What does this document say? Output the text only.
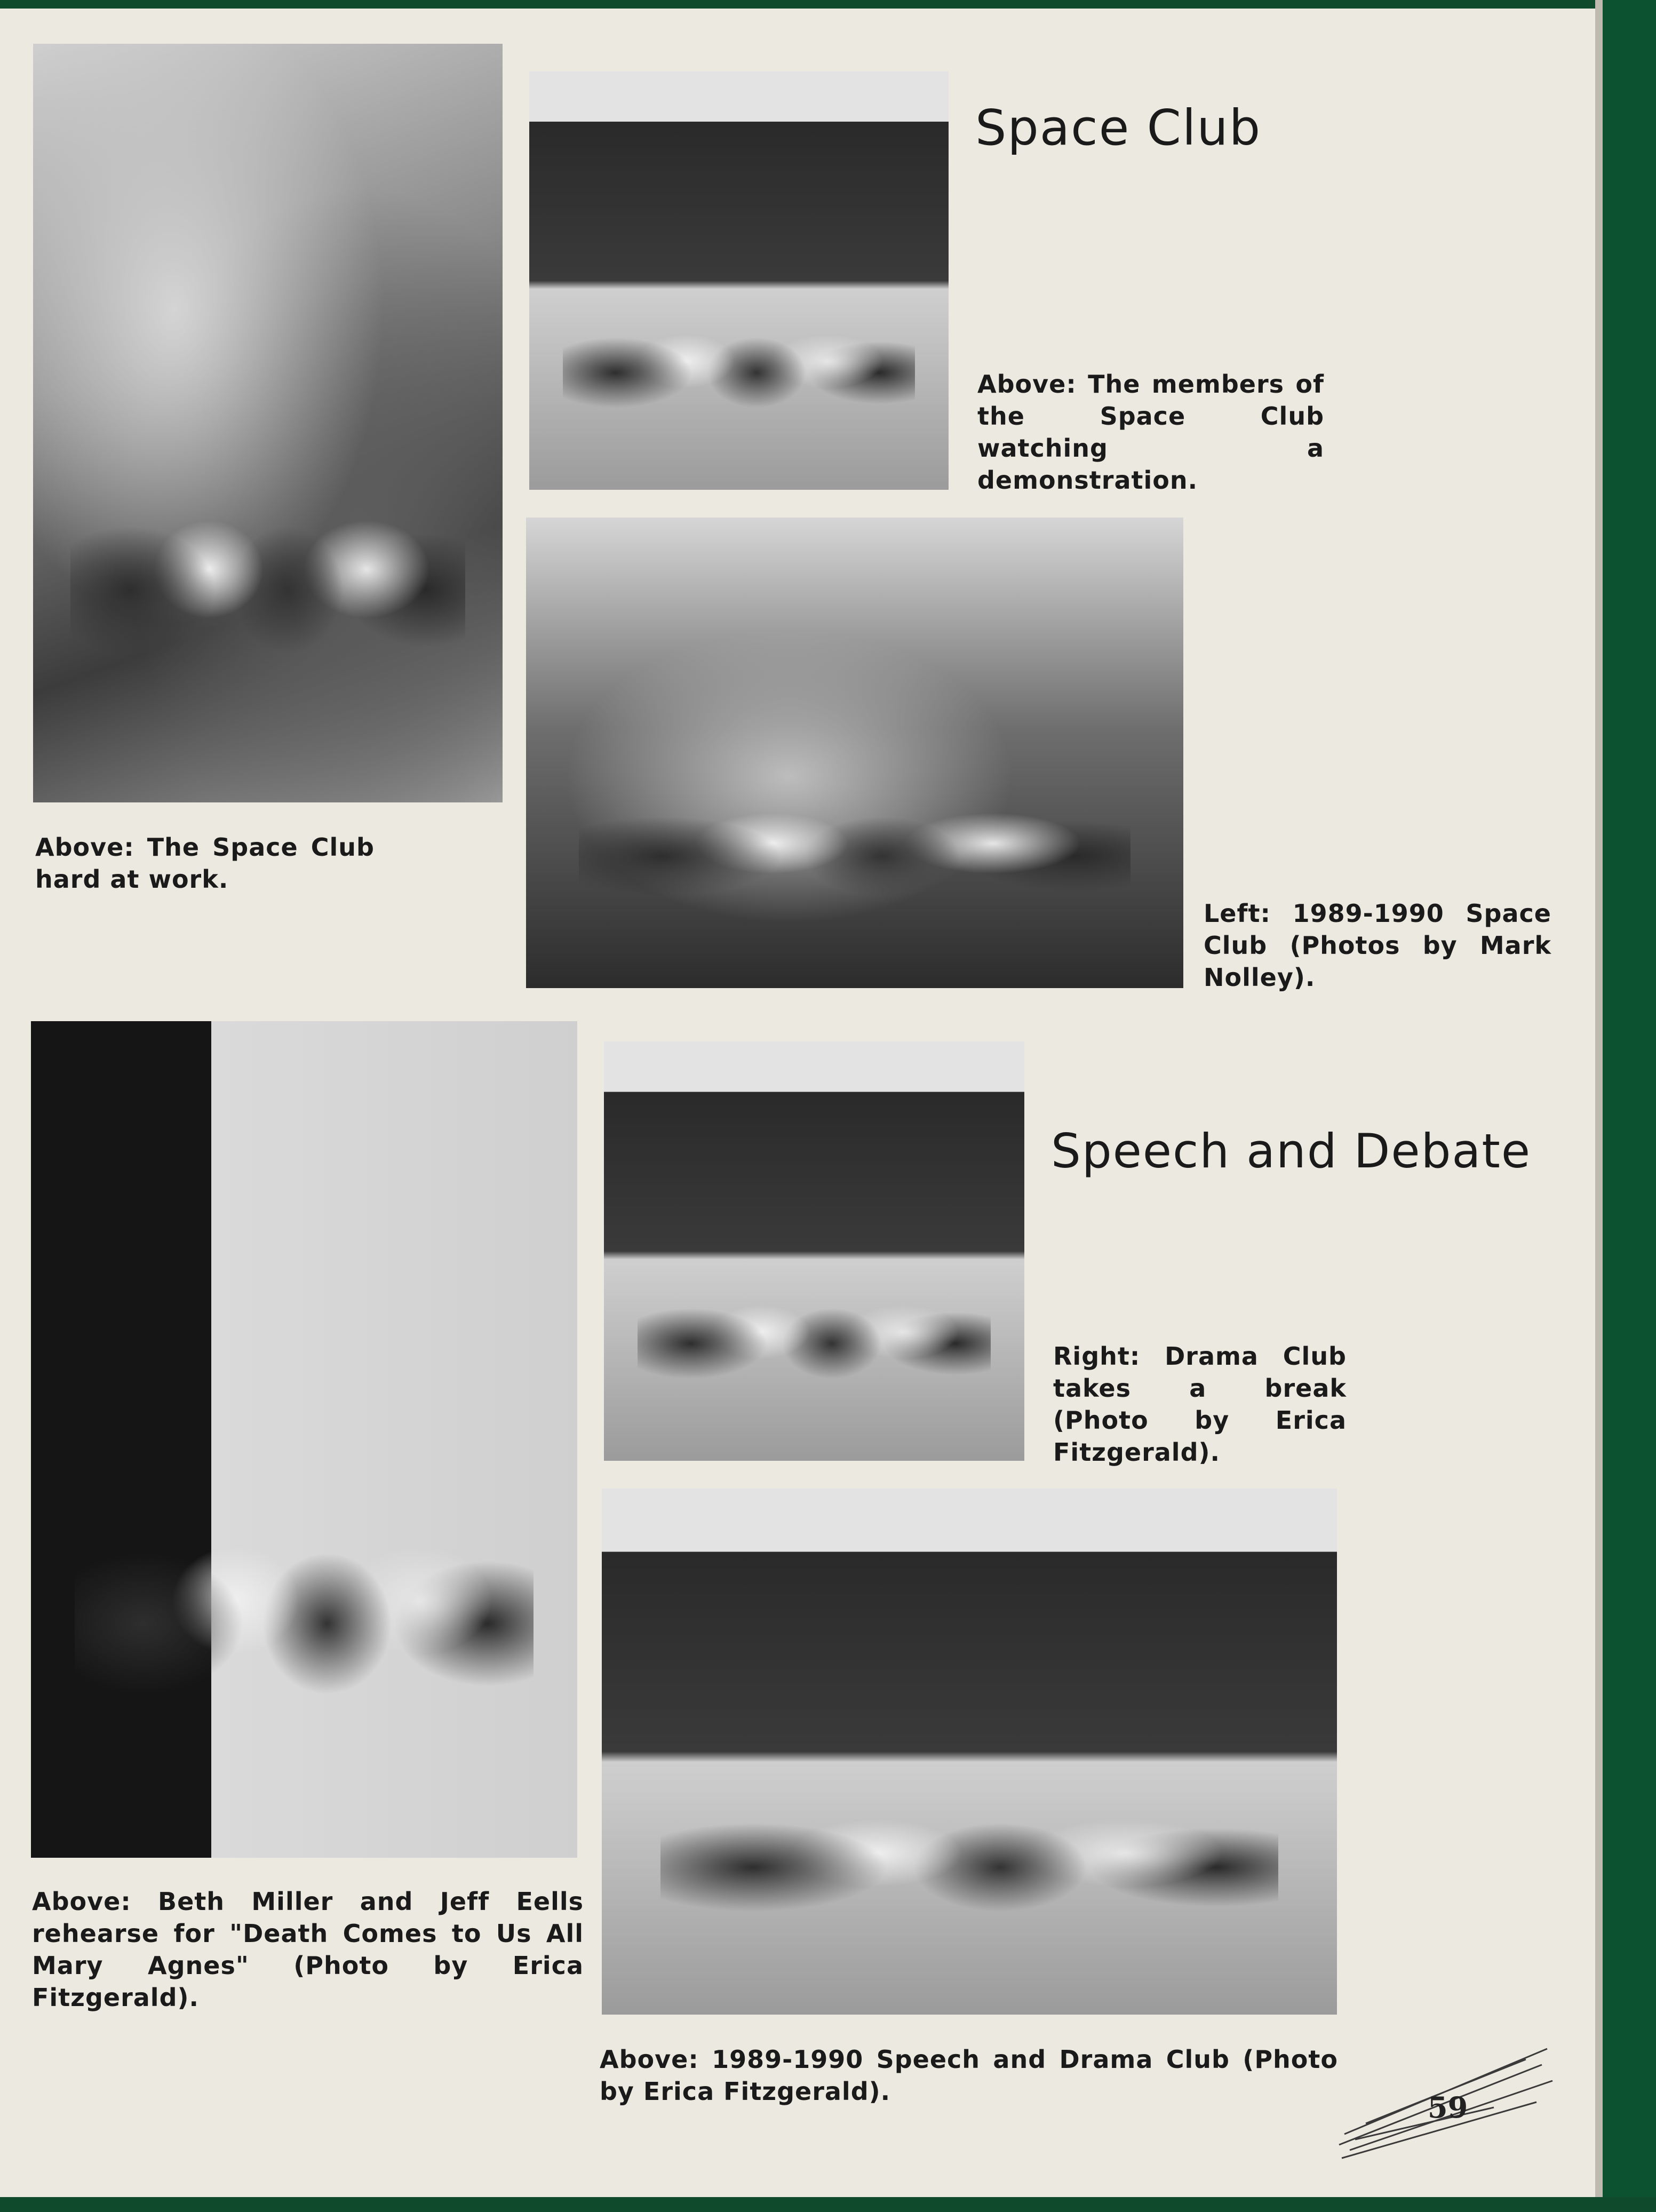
Space Club

Above: The members of the Space Club watching a demonstration.

Above: The Space Club hard at work.

Left: 1989-1990 Space Club (Photos by Mark Nolley).

Speech and Debate

Right: Drama Club takes a break (Photo by Erica Fitzgerald).

Above: Beth Miller and Jeff Eells rehearse for "Death Comes to Us All Mary Agnes" (Photo by Erica Fitzgerald).

Above: 1989-1990 Speech and Drama Club (Photo by Erica Fitzgerald).	59
